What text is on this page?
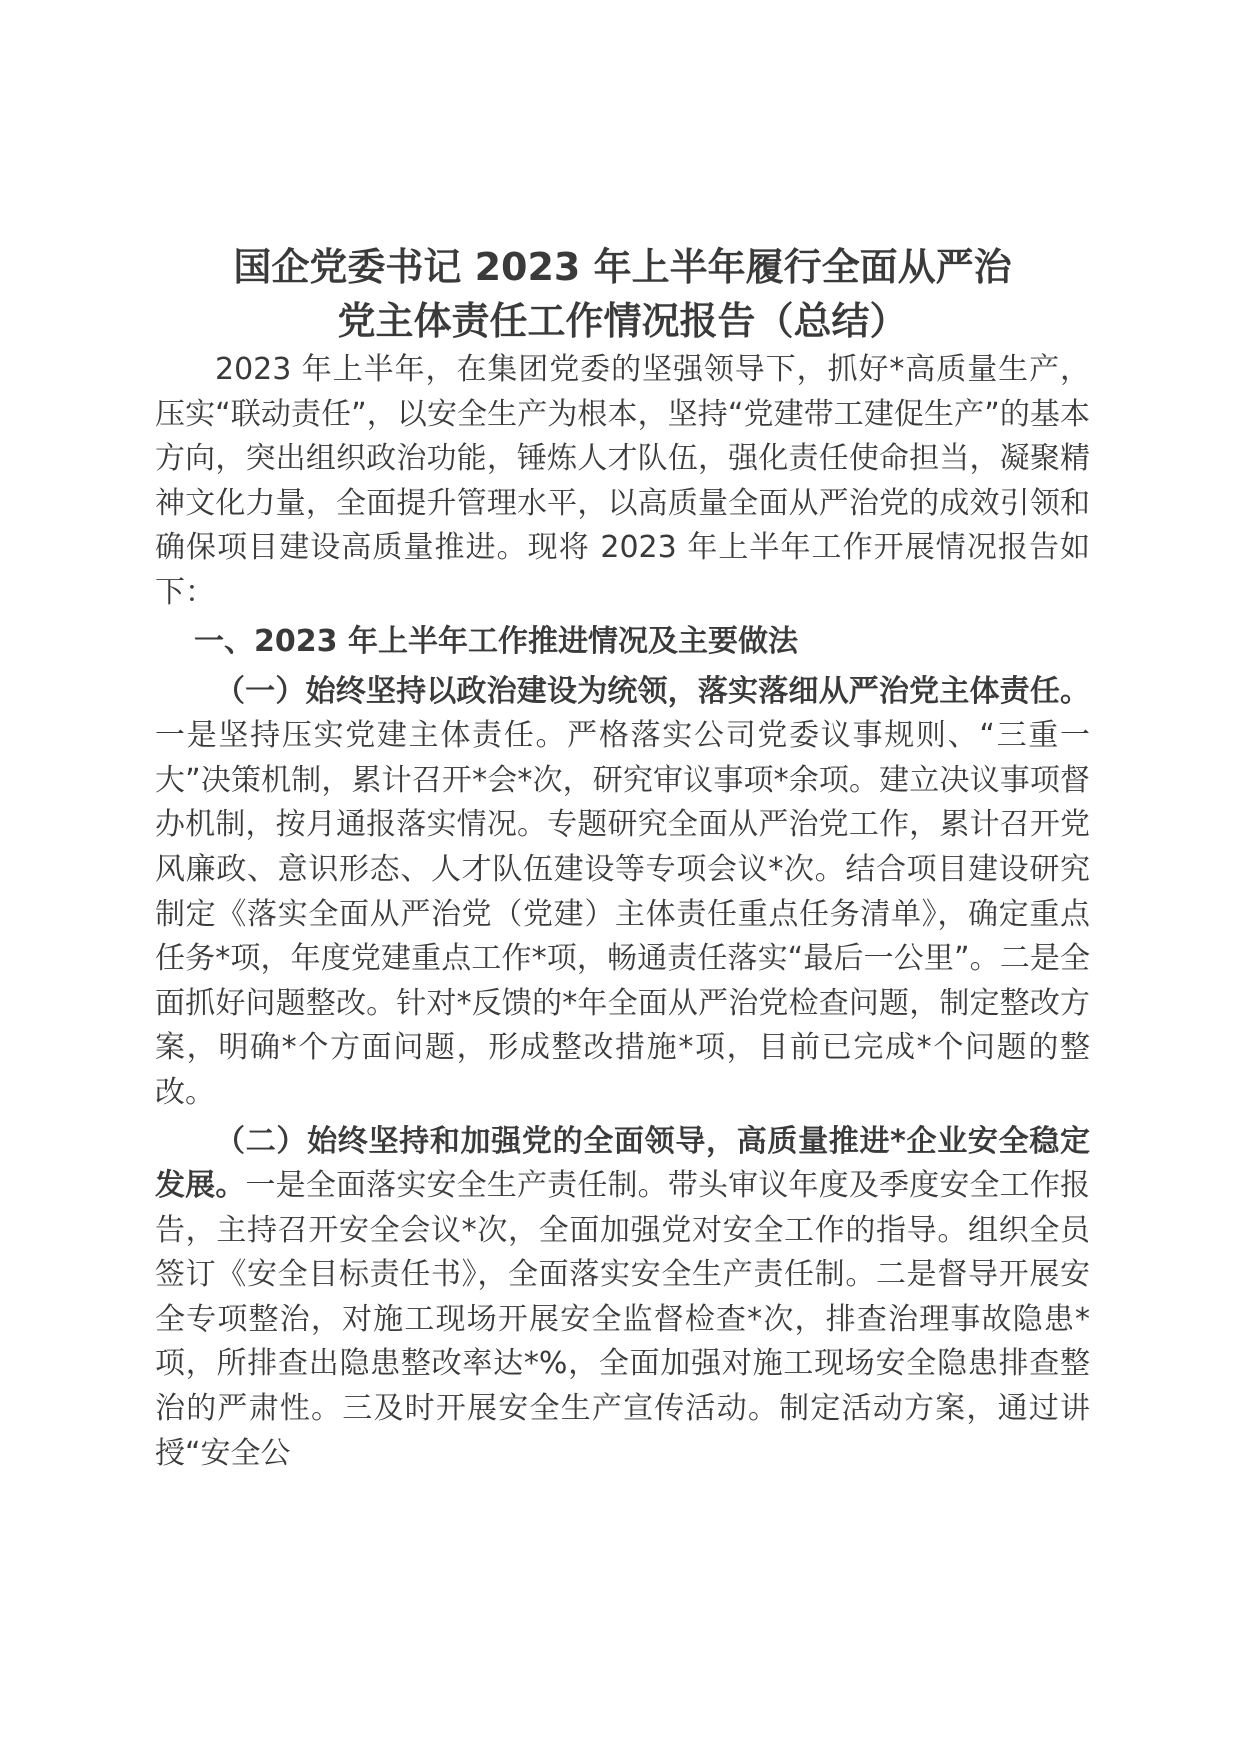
国企党委书记 2023 年上半年履行全面从严治
党主体责任工作情况报告（总结）

2023 年上半年，在集团党委的坚强领导下，抓好*高质量生产，压实“联动责任”，以安全生产为根本，坚持“党建带工建促生产”的基本方向，突出组织政治功能，锤炼人才队伍，强化责任使命担当，凝聚精神文化力量，全面提升管理水平，以高质量全面从严治党的成效引领和确保项目建设高质量推进。现将 2023 年上半年工作开展情况报告如下：

一、2023 年上半年工作推进情况及主要做法

（一）始终坚持以政治建设为统领，落实落细从严治党主体责任。一是坚持压实党建主体责任。严格落实公司党委议事规则、“三重一大”决策机制，累计召开*会*次，研究审议事项*余项。建立决议事项督办机制，按月通报落实情况。专题研究全面从严治党工作，累计召开党风廉政、意识形态、人才队伍建设等专项会议*次。结合项目建设研究制定《落实全面从严治党（党建）主体责任重点任务清单》，确定重点任务*项，年度党建重点工作*项，畅通责任落实“最后一公里”。二是全面抓好问题整改。针对*反馈的*年全面从严治党检查问题，制定整改方案，明确*个方面问题，形成整改措施*项，目前已完成*个问题的整改。

（二）始终坚持和加强党的全面领导，高质量推进*企业安全稳定发展。一是全面落实安全生产责任制。带头审议年度及季度安全工作报告，主持召开安全会议*次，全面加强党对安全工作的指导。组织全员签订《安全目标责任书》，全面落实安全生产责任制。二是督导开展安全专项整治，对施工现场开展安全监督检查*次，排查治理事故隐患*项，所排查出隐患整改率达*%，全面加强对施工现场安全隐患排查整治的严肃性。三及时开展安全生产宣传活动。制定活动方案，通过讲授“安全公
